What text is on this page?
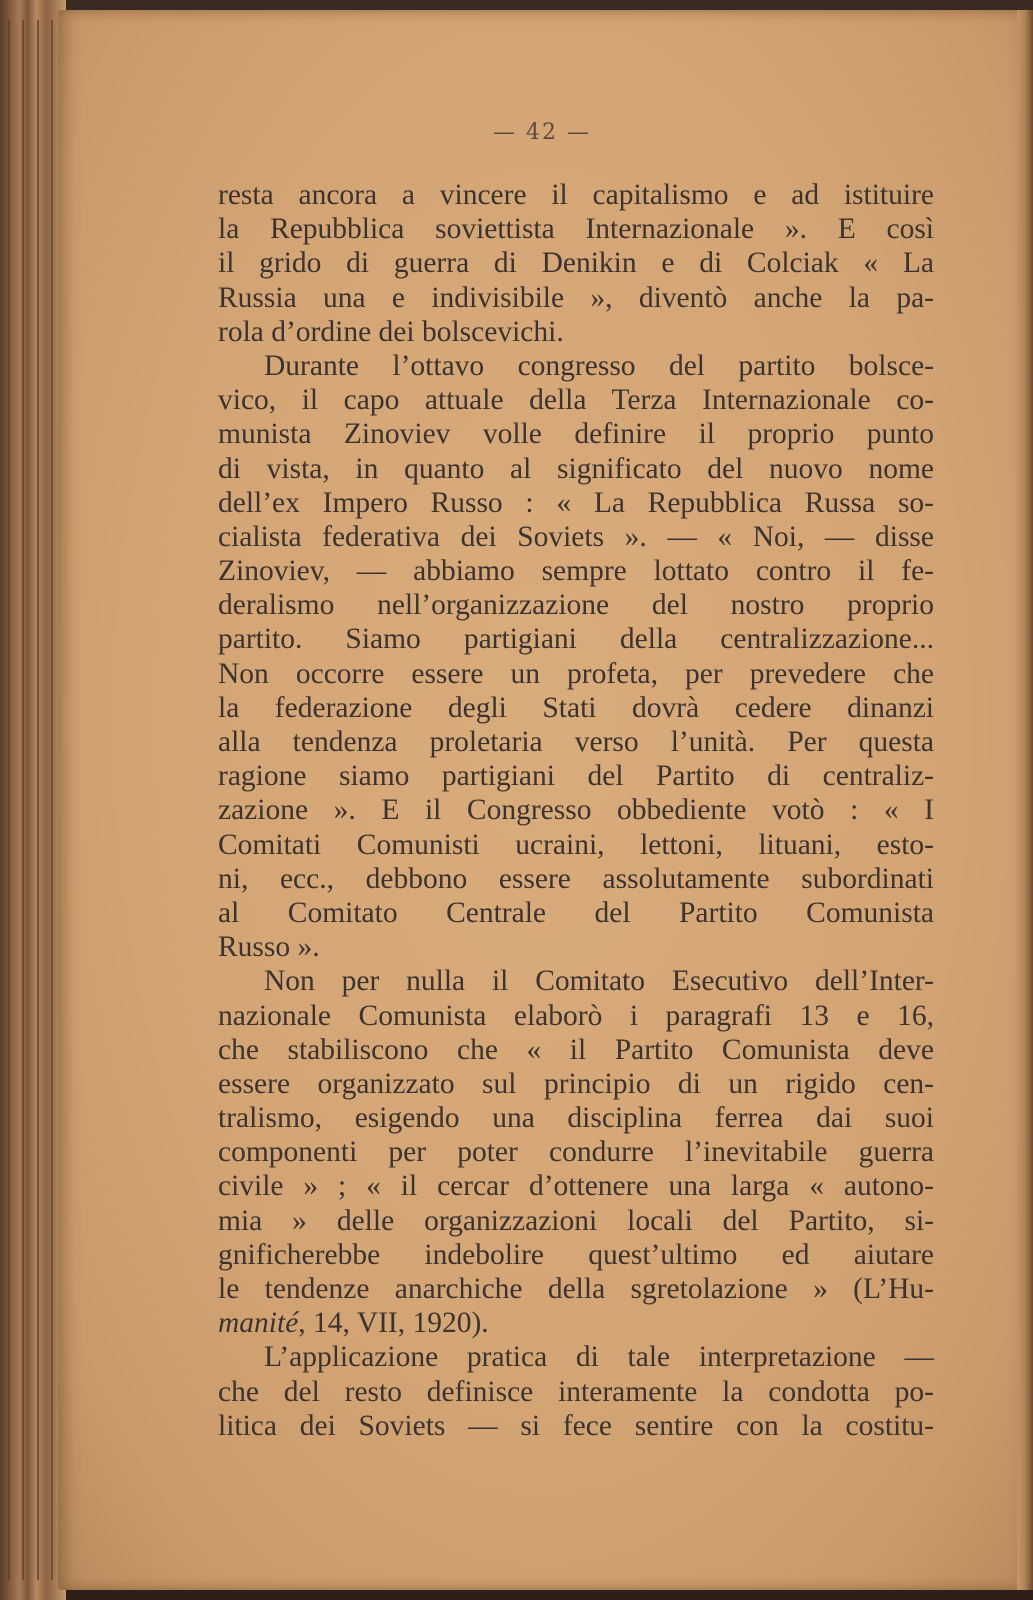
— 42 —
resta ancora a vincere il capitalismo e ad istituire
la Repubblica soviettista Internazionale ». E così
il grido di guerra di Denikin e di Colciak « La
Russia una e indivisibile », diventò anche la pa-
rola d’ordine dei bolscevichi.
Durante l’ottavo congresso del partito bolsce-
vico, il capo attuale della Terza Internazionale co-
munista Zinoviev volle definire il proprio punto
di vista, in quanto al significato del nuovo nome
dell’ex Impero Russo : « La Repubblica Russa so-
cialista federativa dei Soviets ». — « Noi, — disse
Zinoviev, — abbiamo sempre lottato contro il fe-
deralismo nell’organizzazione del nostro proprio
partito. Siamo partigiani della centralizzazione...
Non occorre essere un profeta, per prevedere che
la federazione degli Stati dovrà cedere dinanzi
alla tendenza proletaria verso l’unità. Per questa
ragione siamo partigiani del Partito di centraliz-
zazione ». E il Congresso obbediente votò : « I
Comitati Comunisti ucraini, lettoni, lituani, esto-
ni, ecc., debbono essere assolutamente subordinati
al Comitato Centrale del Partito Comunista
Russo ».
Non per nulla il Comitato Esecutivo dell’Inter-
nazionale Comunista elaborò i paragrafi 13 e 16,
che stabiliscono che « il Partito Comunista deve
essere organizzato sul principio di un rigido cen-
tralismo, esigendo una disciplina ferrea dai suoi
componenti per poter condurre l’inevitabile guerra
civile » ; « il cercar d’ottenere una larga « autono-
mia » delle organizzazioni locali del Partito, si-
gnificherebbe indebolire quest’ultimo ed aiutare
le tendenze anarchiche della sgretolazione » (L’Hu-
manité, 14, VII, 1920).
L’applicazione pratica di tale interpretazione —
che del resto definisce interamente la condotta po-
litica dei Soviets — si fece sentire con la costitu-
